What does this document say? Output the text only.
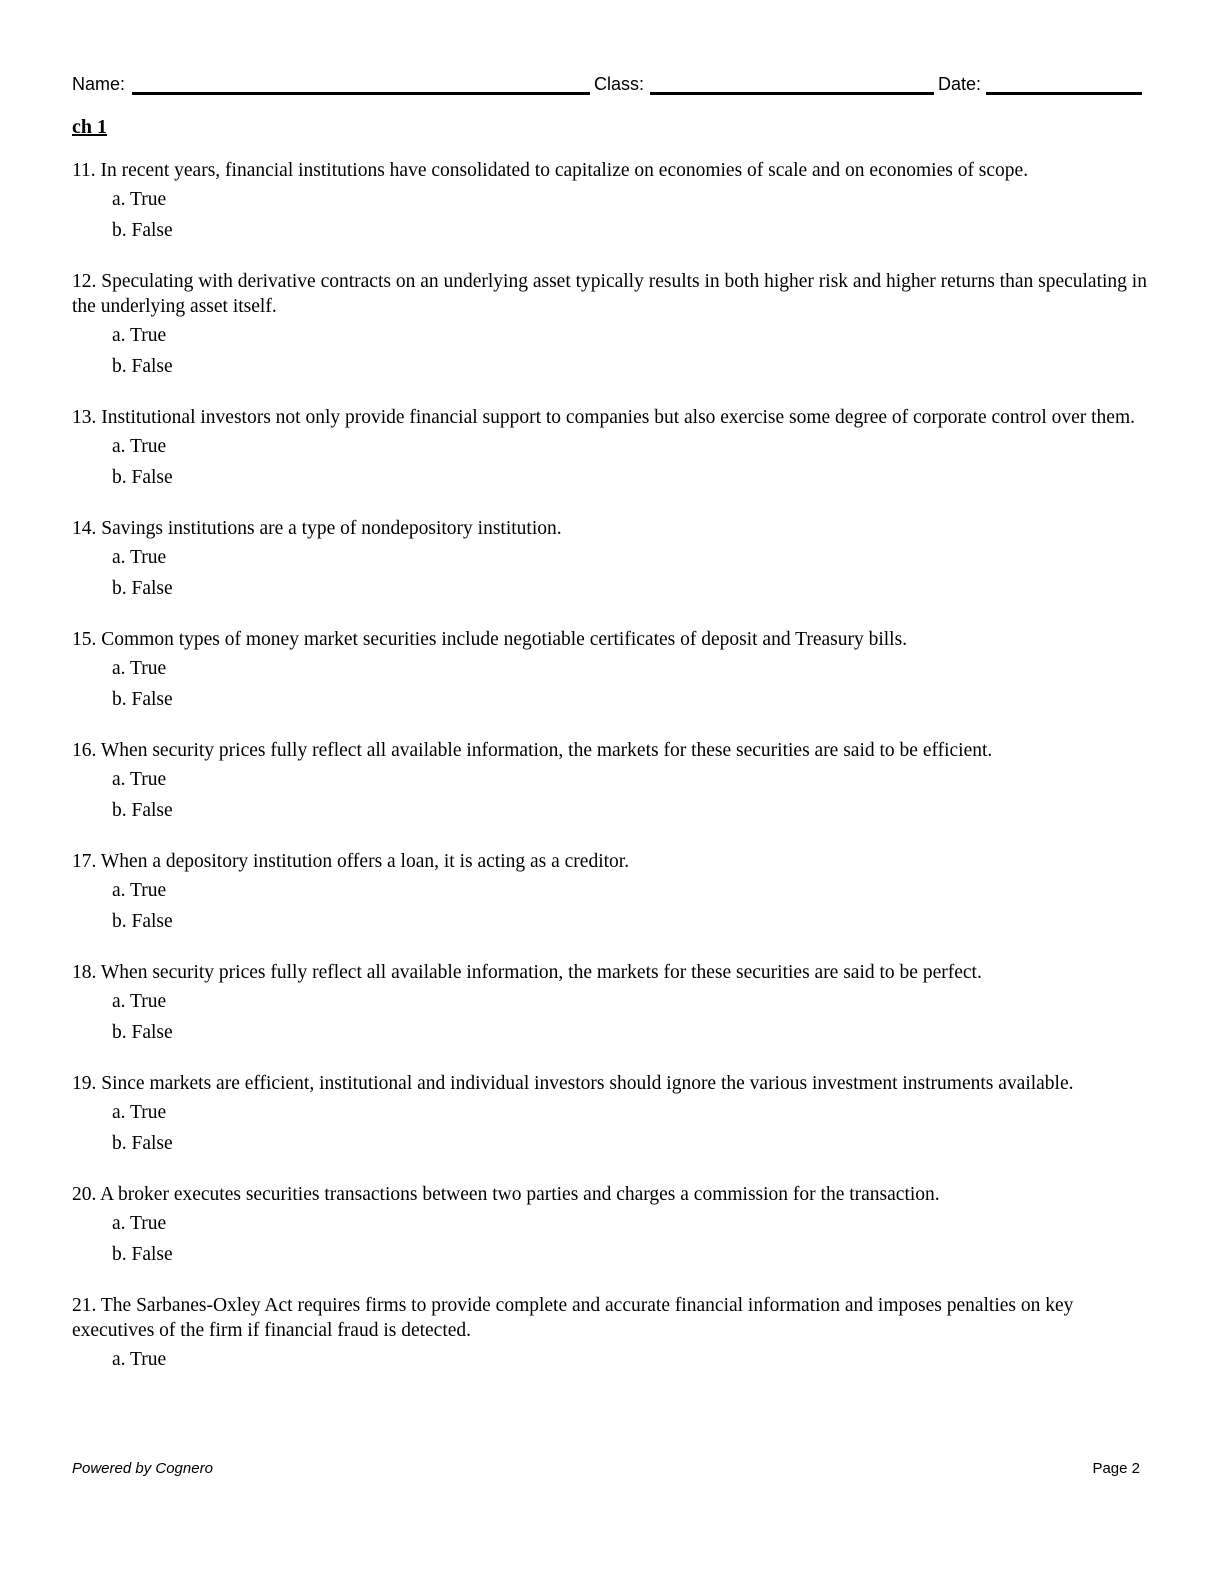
Name:	Class:	Date:
ch 1

11. In recent years, financial institutions have consolidated to capitalize on economies of scale and on economies of scope.

a. True
b. False

12. Speculating with derivative contracts on an underlying asset typically results in both higher risk and higher returns than speculating in the underlying asset itself.

a. True
b. False

13. Institutional investors not only provide financial support to companies but also exercise some degree of corporate control over them.

a. True
b. False

14. Savings institutions are a type of nondepository institution.

a. True
b. False

15. Common types of money market securities include negotiable certificates of deposit and Treasury bills.

a. True
b. False

16. When security prices fully reflect all available information, the markets for these securities are said to be efficient.

a. True
b. False

17. When a depository institution offers a loan, it is acting as a creditor.

a. True
b. False

18. When security prices fully reflect all available information, the markets for these securities are said to be perfect.

a. True
b. False

19. Since markets are efficient, institutional and individual investors should ignore the various investment instruments available.

a. True
b. False

20. A broker executes securities transactions between two parties and charges a commission for the transaction.

a. True
b. False

21. The Sarbanes-Oxley Act requires firms to provide complete and accurate financial information and imposes penalties on key executives of the firm if financial fraud is detected.

a. True
Powered by Cognero	Page 2
